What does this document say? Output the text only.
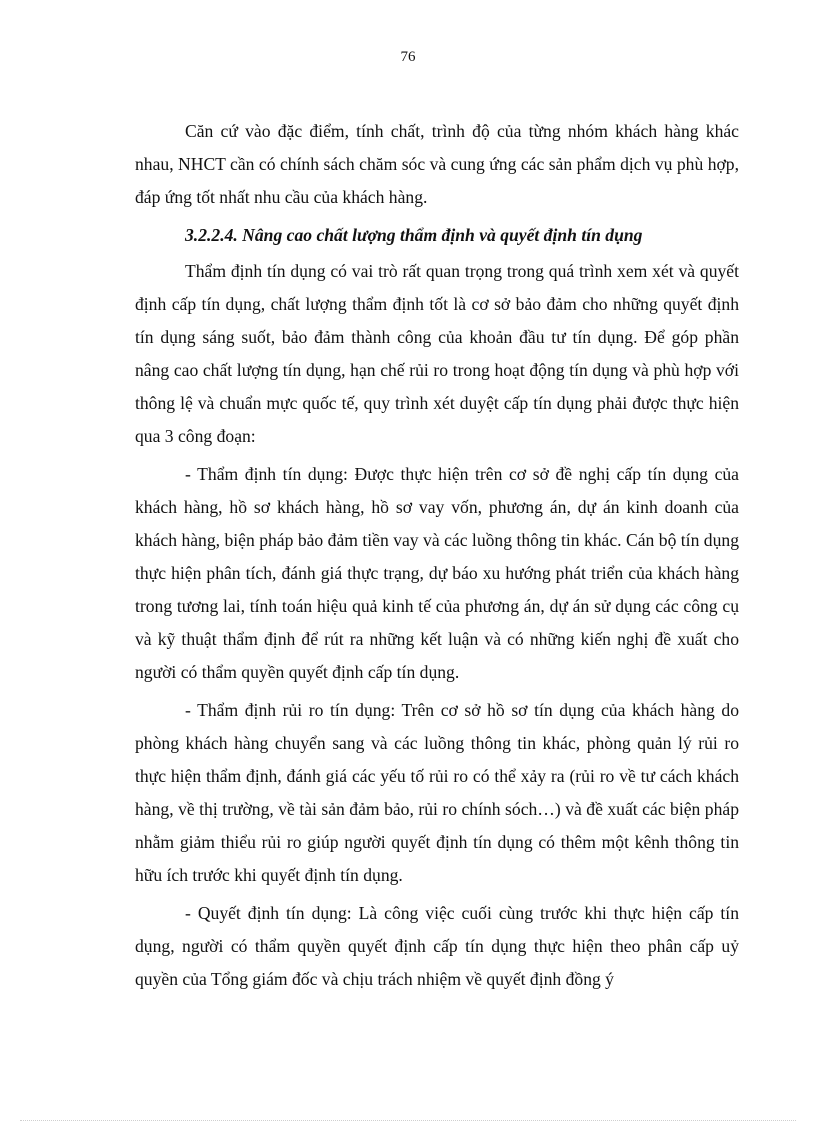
76

Căn cứ vào đặc điểm, tính chất, trình độ của từng nhóm khách hàng khác nhau, NHCT cần có chính sách chăm sóc và cung ứng các sản phẩm dịch vụ phù hợp, đáp ứng tốt nhất nhu cầu của khách hàng.

3.2.2.4. Nâng cao chất lượng thẩm định và quyết định tín dụng

Thẩm định tín dụng có vai trò rất quan trọng trong quá trình xem xét và quyết định cấp tín dụng, chất lượng thẩm định tốt là cơ sở bảo đảm cho những quyết định tín dụng sáng suốt, bảo đảm thành công của khoản đầu tư tín dụng. Để góp phần nâng cao chất lượng tín dụng, hạn chế rủi ro trong hoạt động tín dụng và phù hợp với thông lệ và chuẩn mực quốc tế, quy trình xét duyệt cấp tín dụng phải được thực hiện qua 3 công đoạn:

- Thẩm định tín dụng: Được thực hiện trên cơ sở đề nghị cấp tín dụng của khách hàng, hồ sơ khách hàng, hồ sơ vay vốn, phương án, dự án kinh doanh của khách hàng, biện pháp bảo đảm tiền vay và các luồng thông tin khác. Cán bộ tín dụng thực hiện phân tích, đánh giá thực trạng, dự báo xu hướng phát triển của khách hàng trong tương lai, tính toán hiệu quả kinh tế của phương án, dự án sử dụng các công cụ và kỹ thuật thẩm định để rút ra những kết luận và có những kiến nghị đề xuất cho người có thẩm quyền quyết định cấp tín dụng.

- Thẩm định rủi ro tín dụng: Trên cơ sở hồ sơ tín dụng của khách hàng do phòng khách hàng chuyển sang và các luồng thông tin khác, phòng quản lý rủi ro thực hiện thẩm định, đánh giá các yếu tố rủi ro có thể xảy ra (rủi ro về tư cách khách hàng, về thị trường, về tài sản đảm bảo, rủi ro chính sóch…) và đề xuất các biện pháp nhằm giảm thiểu rủi ro giúp người quyết định tín dụng có thêm một kênh thông tin hữu ích trước khi quyết định tín dụng.

- Quyết định tín dụng: Là công việc cuối cùng trước khi thực hiện cấp tín dụng, người có thẩm quyền quyết định cấp tín dụng thực hiện theo phân cấp uỷ quyền của Tổng giám đốc và chịu trách nhiệm về quyết định đồng ý
